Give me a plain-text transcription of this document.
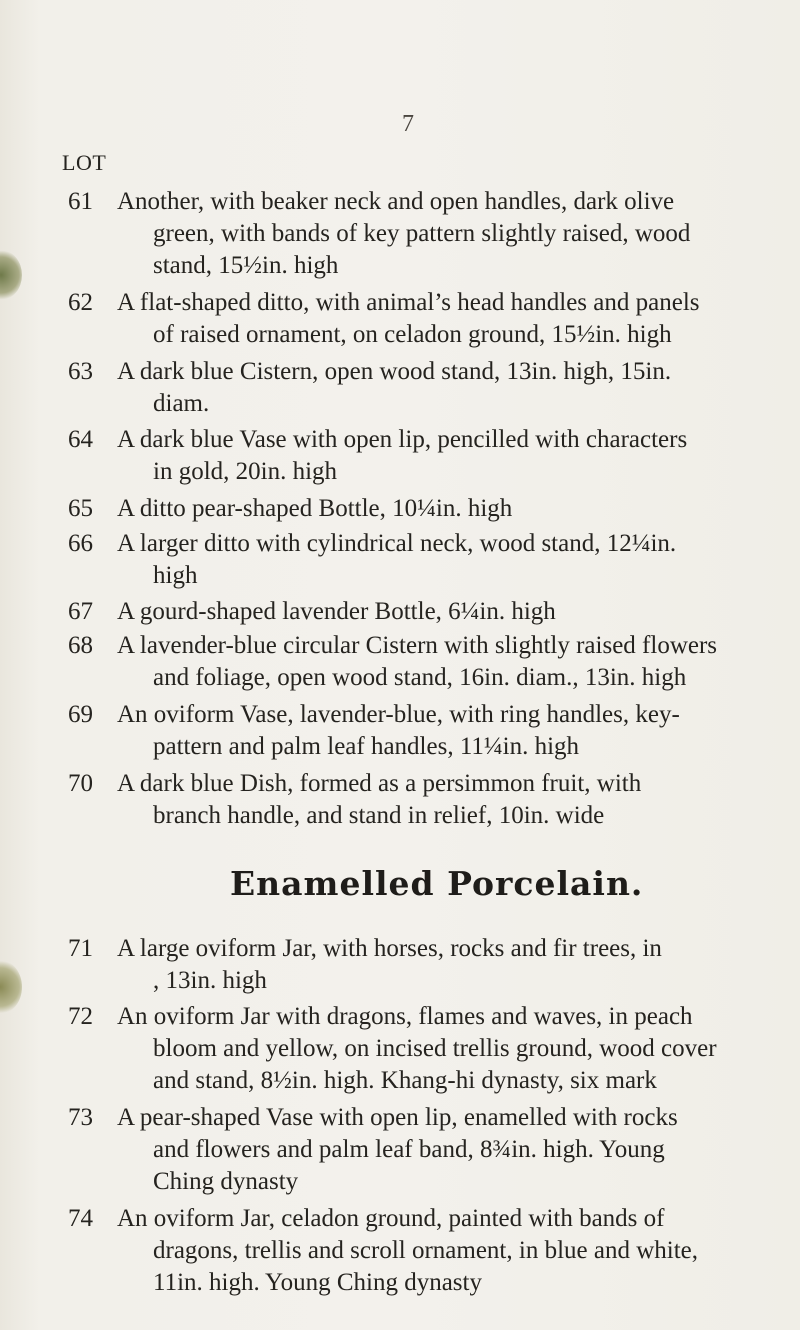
7
LOT
61 Another, with beaker neck and open handles, dark olive

green, with bands of key pattern slightly raised, wood

stand, 15½in. high

62 A flat-shaped ditto, with animal’s head handles and panels

of raised ornament, on celadon ground, 15½in. high

63 A dark blue Cistern, open wood stand, 13in. high, 15in.

diam.

64 A dark blue Vase with open lip, pencilled with characters

in gold, 20in. high

65 A ditto pear-shaped Bottle, 10¼in. high

66 A larger ditto with cylindrical neck, wood stand, 12¼in.

high

67 A gourd-shaped lavender Bottle, 6¼in. high

68 A lavender-blue circular Cistern with slightly raised flowers

and foliage, open wood stand, 16in. diam., 13in. high

69 An oviform Vase, lavender-blue, with ring handles, key-

pattern and palm leaf handles, 11¼in. high

70 A dark blue Dish, formed as a persimmon fruit, with

branch handle, and stand in relief, 10in. wide

Enamelled Porcelain.
71 A large oviform Jar, with horses, rocks and fir trees, in

, 13in. high

72 An oviform Jar with dragons, flames and waves, in peach

bloom and yellow, on incised trellis ground, wood cover

and stand, 8½in. high. Khang-hi dynasty, six mark

73 A pear-shaped Vase with open lip, enamelled with rocks

and flowers and palm leaf band, 8¾in. high. Young

Ching dynasty

74 An oviform Jar, celadon ground, painted with bands of

dragons, trellis and scroll ornament, in blue and white,

11in. high. Young Ching dynasty
